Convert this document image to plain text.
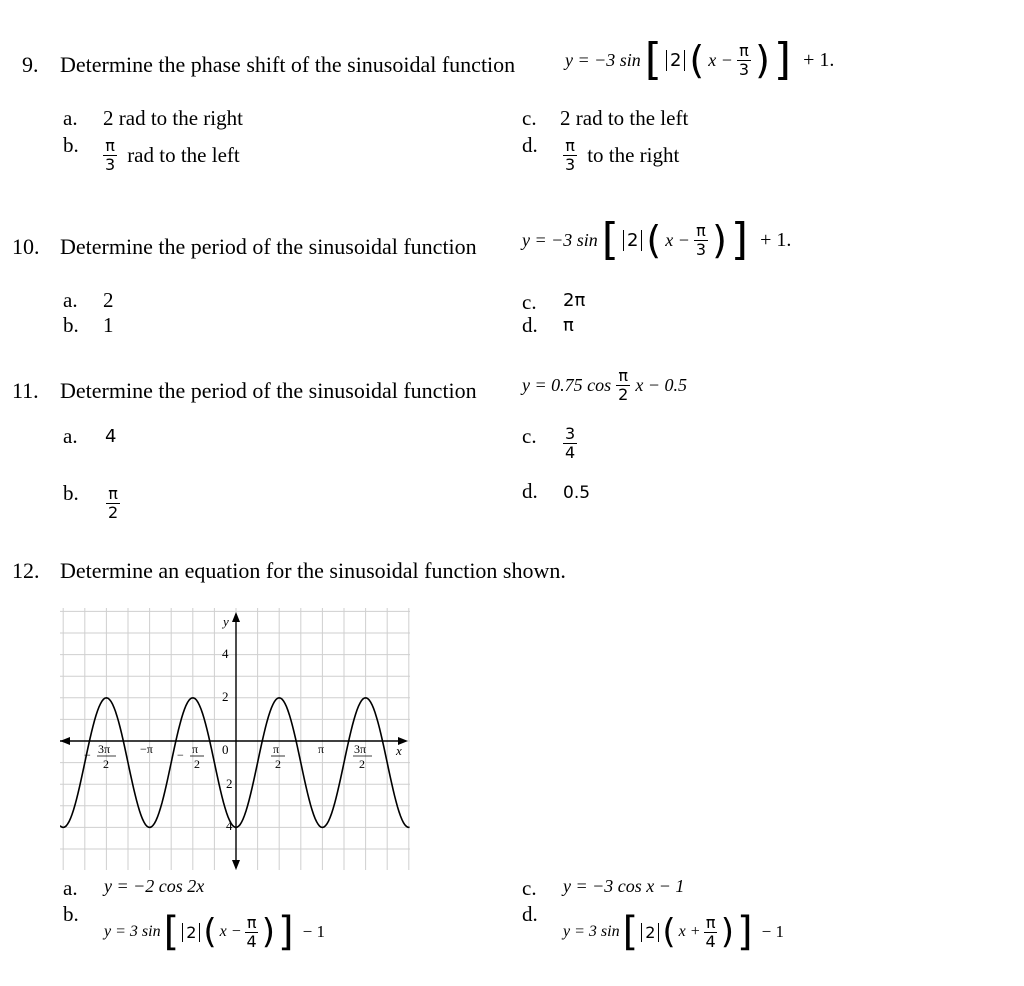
9. Determine the phase shift of the sinusoidal function	y = −3 sin [ 2 ( $x - \frac{\pi}{3}$ ) ] + 1.
a. 2 rad to the right
b. $\frac{\pi}{3}$ rad to the left
c. 2 rad to the left
d. $\frac{\pi}{3}$ to the right
10. Determine the period of the sinusoidal function	y = −3 sin [ 2 ( $x - \frac{\pi}{3}$ ) ] + 1.
a. 2
b. 1
c. 2π
d. π
11. Determine the period of the sinusoidal function	y = 0.75 $\cos \frac{\pi}{2}$ x − 0.5
a. 4
b. $\frac{\pi}{2}$
c. $\frac{3}{4}$
d. 0.5
12. Determine an equation for the sinusoidal function shown.
y
x
4
2
2
4
− 3π
2
−π − π
2
0	π
2
π 3π
2
a. y = −2 cos 2x
b.
y = 3 sin [ 2 ( $x - \frac{\pi}{4}$ ) ] − 1
c. y = −3 cos x − 1
d.
y = 3 sin [ 2 ( $x + \frac{\pi}{4}$ ) ] − 1
